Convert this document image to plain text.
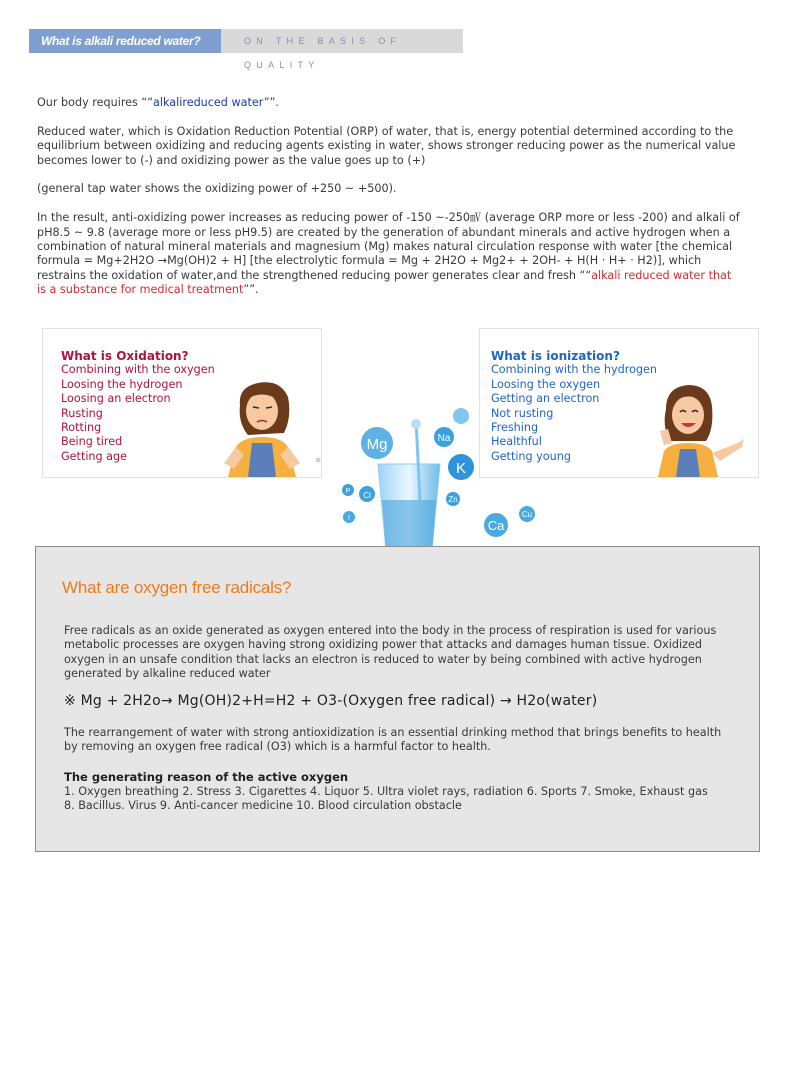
What is alkali reduced water?	ON THE BASIS OF QUALITY

Our body requires ““alkalireduced water””.

Reduced water, which is Oxidation Reduction Potential (ORP) of water, that is, energy potential determined according to the equilibrium between oxidizing and reducing agents existing in water, shows stronger reducing power as the numerical value becomes lower to (-) and oxidizing power as the value goes up to (+)

(general tap water shows the oxidizing power of +250 ~ +500).

In the result, anti-oxidizing power increases as reducing power of -150 ~-250㎷ (average ORP more or less -200) and alkali of pH8.5 ~ 9.8 (average more or less pH9.5) are created by the generation of abundant minerals and active hydrogen when a combination of natural mineral materials and magnesium (Mg) makes natural circulation response with water [the chemical formula = Mg+2H2O →Mg(OH)2 + H] [the electrolytic formula = Mg + 2H2O + Mg2+ + 2OH- + H(H · H+ · H2)], which restrains the oxidation of water,and the strengthened reducing power generates clear and fresh ““alkali reduced water that is a substance for medical treatment””.

What is Oxidation?
Combining with the oxygen
Loosing the hydrogen
Loosing an electron
Rusting
Rotting
Being tired
Getting age
What is ionization?
Combining with the hydrogen
Loosing the oxygen
Getting an electron
Not rusting
Freshing
Healthful
Getting young
Mg	Na
K
P Cl	Zn
Ca
Cu
I
What are oxygen free radicals?

Free radicals as an oxide generated as oxygen entered into the body in the process of respiration is used for various metabolic processes are oxygen having strong oxidizing power that attacks and damages human tissue. Oxidized oxygen in an unsafe condition that lacks an electron is reduced to water by being combined with active hydrogen generated by alkaline reduced water

※ Mg + 2H2o→ Mg(OH)2+H=H2 + O3-(Oxygen free radical) → H2o(water)

The rearrangement of water with strong antioxidization is an essential drinking method that brings benefits to health by removing an oxygen free radical (O3) which is a harmful factor to health.

The generating reason of the active oxygen

1. Oxygen breathing 2. Stress 3. Cigarettes 4. Liquor 5. Ultra violet rays, radiation 6. Sports 7. Smoke, Exhaust gas

8. Bacillus. Virus 9. Anti-cancer medicine 10. Blood circulation obstacle
